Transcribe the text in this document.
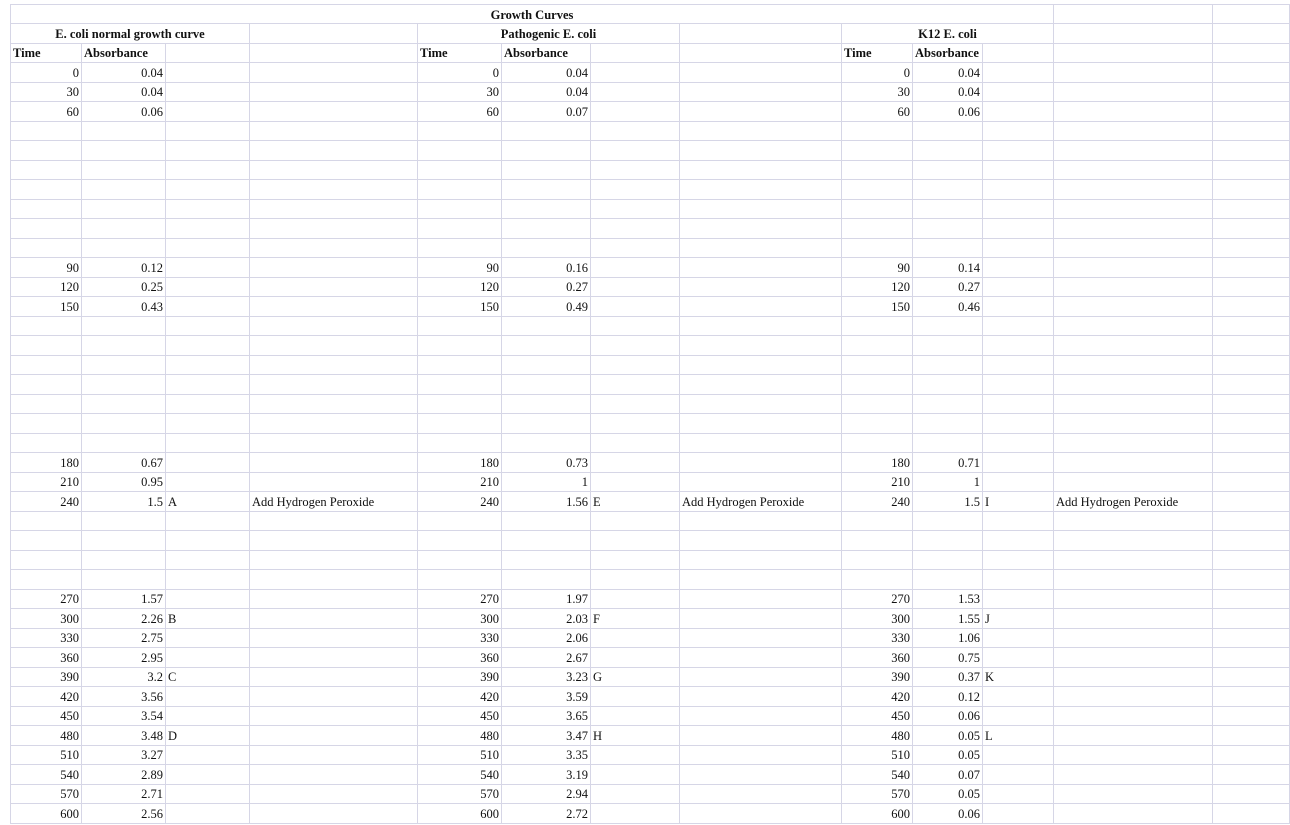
Growth Curves
E. coli normal growth curve	Pathogenic E. coli	K12 E. coli
Time	Absorbance	Time	Absorbance	Time	Absorbance
0	0.04	0	0.04	0	0.04
30	0.04	30	0.04	30	0.04
60	0.06	60	0.07	60	0.06
90	0.12	90	0.16	90	0.14
120	0.25	120	0.27	120	0.27
150	0.43	150	0.49	150	0.46
180	0.67	180	0.73	180	0.71
210	0.95	210	1	210	1
240	1.5 A	Add Hydrogen Peroxide	240	1.56 E	Add Hydrogen Peroxide	240	1.5 I	Add Hydrogen Peroxide
270	1.57	270	1.97	270	1.53
300	2.26 B	300	2.03 F	300	1.55 J
330	2.75	330	2.06	330	1.06
360	2.95	360	2.67	360	0.75
390	3.2 C	390	3.23 G	390	0.37 K
420	3.56	420	3.59	420	0.12
450	3.54	450	3.65	450	0.06
480	3.48 D	480	3.47 H	480	0.05 L
510	3.27	510	3.35	510	0.05
540	2.89	540	3.19	540	0.07
570	2.71	570	2.94	570	0.05
600	2.56	600	2.72	600	0.06
